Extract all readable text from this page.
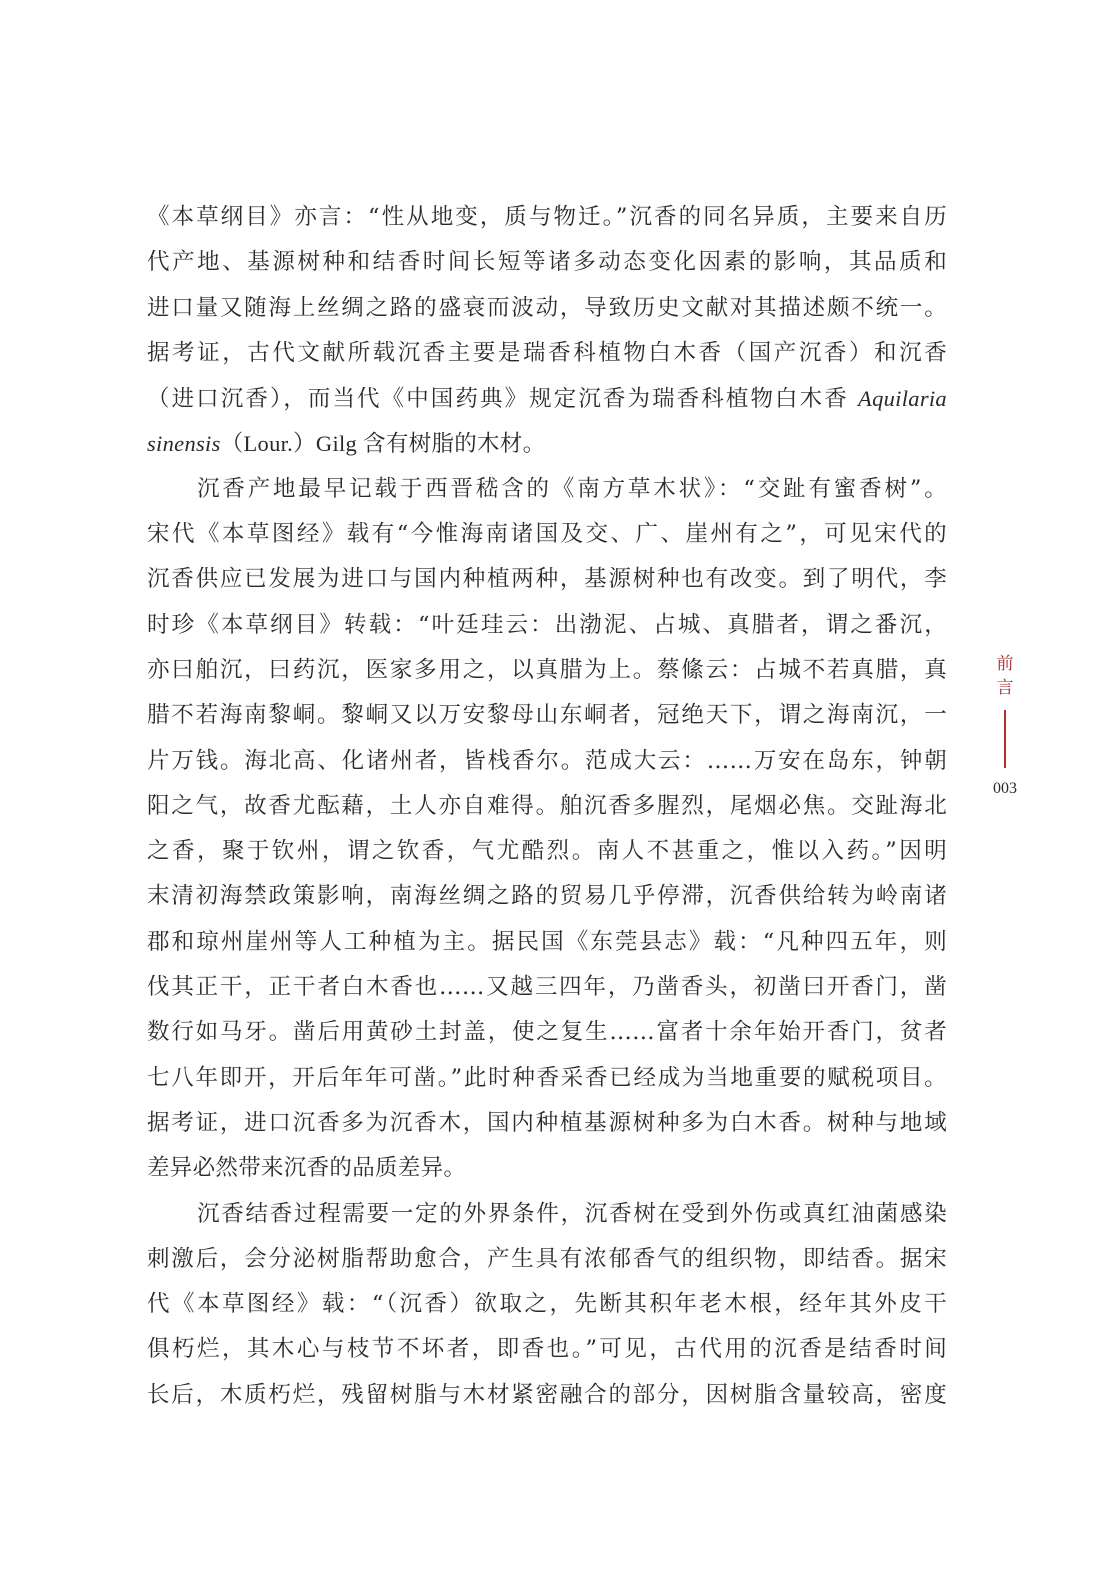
《本草纲目》亦言：“性从地变，质与物迁。”沉香的同名异质，主要来自历
代产地、基源树种和结香时间长短等诸多动态变化因素的影响，其品质和
进口量又随海上丝绸之路的盛衰而波动，导致历史文献对其描述颇不统一。
据考证，古代文献所载沉香主要是瑞香科植物白木香（国产沉香）和沉香
（进口沉香），而当代《中国药典》规定沉香为瑞香科植物白木香 Aquilaria
sinensis（Lour.）Gilg 含有树脂的木材。
沉香产地最早记载于西晋嵇含的《南方草木状》：“交趾有蜜香树”。
宋代《本草图经》载有“今惟海南诸国及交、广、崖州有之”，可见宋代的
沉香供应已发展为进口与国内种植两种，基源树种也有改变。到了明代，李
时珍《本草纲目》转载：“叶廷珪云：出渤泥、占城、真腊者，谓之番沉，
亦曰舶沉，曰药沉，医家多用之，以真腊为上。蔡絛云：占城不若真腊，真
腊不若海南黎峒。黎峒又以万安黎母山东峒者，冠绝天下，谓之海南沉，一
片万钱。海北高、化诸州者，皆栈香尔。范成大云：……万安在岛东，钟朝
阳之气，故香尤酝藉，土人亦自难得。舶沉香多腥烈，尾烟必焦。交趾海北
之香，聚于钦州，谓之钦香，气尤酷烈。南人不甚重之，惟以入药。”因明
末清初海禁政策影响，南海丝绸之路的贸易几乎停滞，沉香供给转为岭南诸
郡和琼州崖州等人工种植为主。据民国《东莞县志》载：“凡种四五年，则
伐其正干，正干者白木香也……又越三四年，乃凿香头，初凿曰开香门，凿
数行如马牙。凿后用黄砂土封盖，使之复生……富者十余年始开香门，贫者
七八年即开，开后年年可凿。”此时种香采香已经成为当地重要的赋税项目。
据考证，进口沉香多为沉香木，国内种植基源树种多为白木香。树种与地域
差异必然带来沉香的品质差异。
沉香结香过程需要一定的外界条件，沉香树在受到外伤或真红油菌感染
刺激后，会分泌树脂帮助愈合，产生具有浓郁香气的组织物，即结香。据宋
代《本草图经》载：“（沉香）欲取之，先断其积年老木根，经年其外皮干
俱朽烂，其木心与枝节不坏者，即香也。”可见，古代用的沉香是结香时间
长后，木质朽烂，残留树脂与木材紧密融合的部分，因树脂含量较高，密度
前
言
003
